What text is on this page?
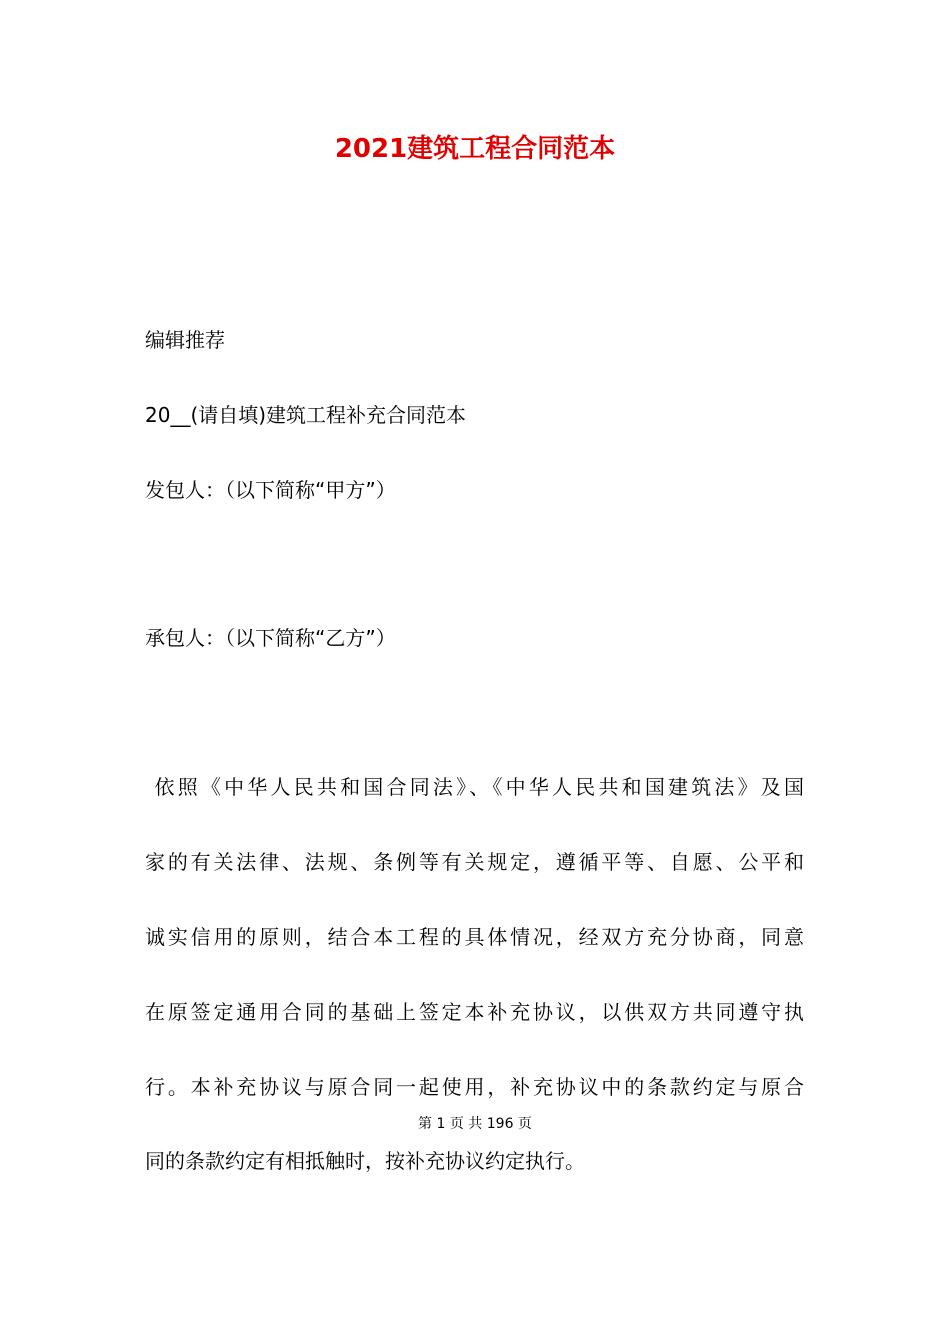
2021建筑工程合同范本

编辑推荐

20__(请自填)建筑工程补充合同范本

发包人：（以下简称“甲方”）

承包人：（以下简称“乙方”）

依照《中华人民共和国合同法》、《中华人民共和国建筑法》及国

家的有关法律、法规、条例等有关规定，遵循平等、自愿、公平和

诚实信用的原则，结合本工程的具体情况，经双方充分协商，同意

在原签定通用合同的基础上签定本补充协议，以供双方共同遵守执

行。本补充协议与原合同一起使用，补充协议中的条款约定与原合

第 1 页 共 196 页

同的条款约定有相抵触时，按补充协议约定执行。
